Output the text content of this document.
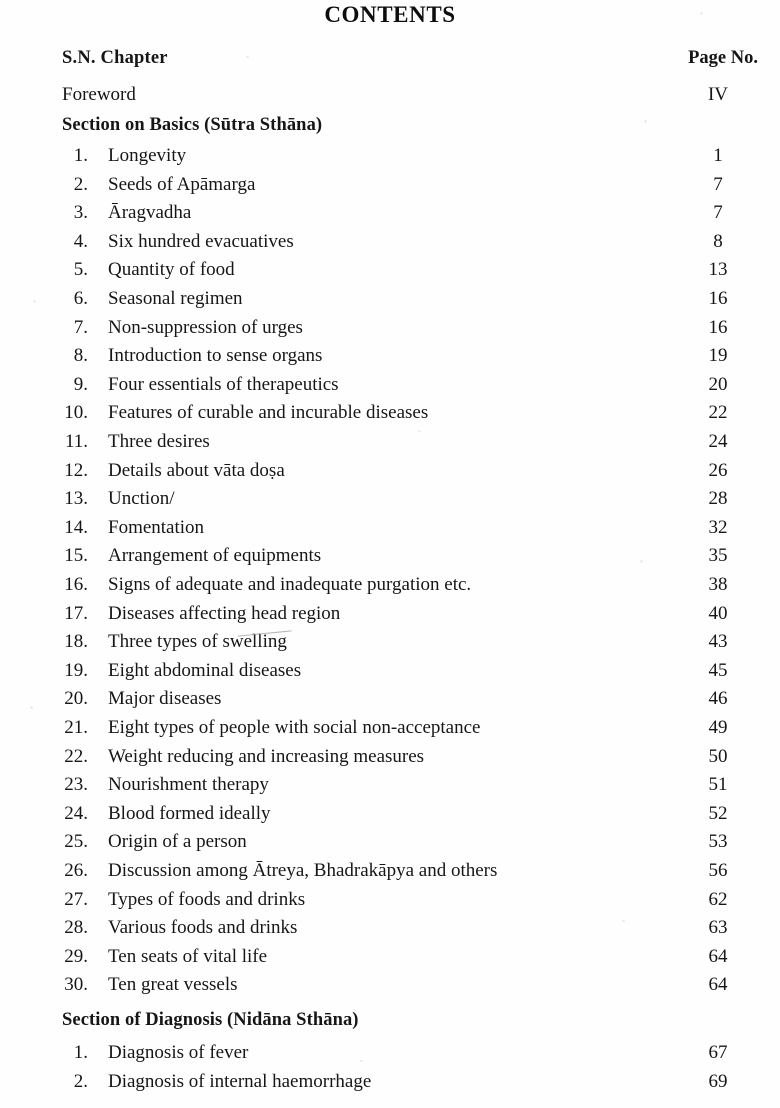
CONTENTS
S.N. Chapter	Page No.
Foreword	IV
Section on Basics (Sūtra Sthāna)
1. Longevity	1
2. Seeds of Apāmarga	7
3. Āragvadha	7
4. Six hundred evacuatives	8
5. Quantity of food	13
6. Seasonal regimen	16
7. Non-suppression of urges	16
8. Introduction to sense organs	19
9. Four essentials of therapeutics	20
10. Features of curable and incurable diseases	22
11. Three desires	24
12. Details about vāta doṣa	26
13. Unction/	28
14. Fomentation	32
15. Arrangement of equipments	35
16. Signs of adequate and inadequate purgation etc.	38
17. Diseases affecting head region	40
18. Three types of swelling	43
19. Eight abdominal diseases	45
20. Major diseases	46
21. Eight types of people with social non-acceptance	49
22. Weight reducing and increasing measures	50
23. Nourishment therapy	51
24. Blood formed ideally	52
25. Origin of a person	53
26. Discussion among Ātreya, Bhadrakāpya and others	56
27. Types of foods and drinks	62
28. Various foods and drinks	63
29. Ten seats of vital life	64
30. Ten great vessels	64
Section of Diagnosis (Nidāna Sthāna)
1. Diagnosis of fever	67
2. Diagnosis of internal haemorrhage	69
